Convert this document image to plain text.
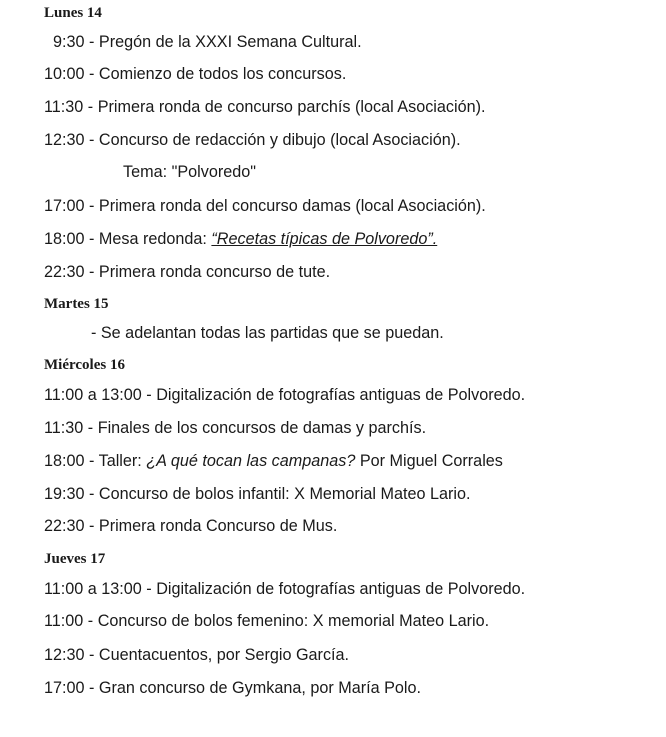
Lunes 14
9:30 - Pregón de la XXXI Semana Cultural.
10:00 - Comienzo de todos los concursos.
11:30 - Primera ronda de concurso parchís (local Asociación).
12:30 - Concurso de redacción y dibujo (local Asociación).
Tema: "Polvoredo"
17:00 - Primera ronda del concurso damas (local Asociación).
18:00 - Mesa redonda: “Recetas típicas de Polvoredo”.
22:30 - Primera ronda concurso de tute.
Martes 15
- Se adelantan todas las partidas que se puedan.
Miércoles 16
11:00 a 13:00 - Digitalización de fotografías antiguas de Polvoredo.
11:30 - Finales de los concursos de damas y parchís.
18:00 - Taller: ¿A qué tocan las campanas? Por Miguel Corrales
19:30 - Concurso de bolos infantil: X Memorial Mateo Lario.
22:30 - Primera ronda Concurso de Mus.
Jueves 17
11:00 a 13:00 - Digitalización de fotografías antiguas de Polvoredo.
11:00 - Concurso de bolos femenino: X memorial Mateo Lario.
12:30 - Cuentacuentos, por Sergio García.
17:00 - Gran concurso de Gymkana, por María Polo.
